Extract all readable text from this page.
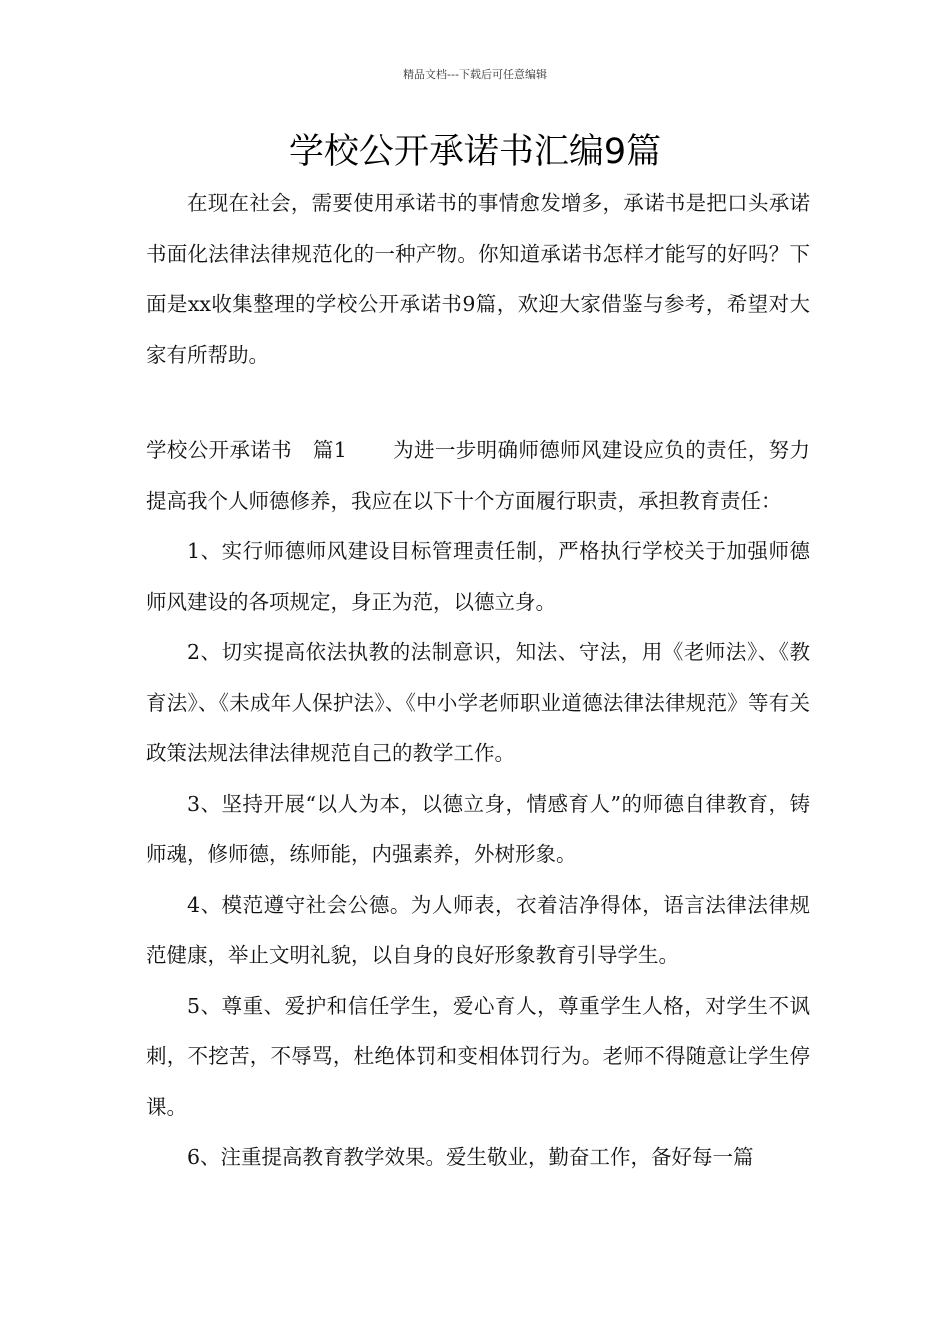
精品文档---下载后可任意编辑
学校公开承诺书汇编9篇

在现在社会，需要使用承诺书的事情愈发增多，承诺书是把口头承诺书面化法律法律规范化的一种产物。你知道承诺书怎样才能写的好吗？下面是xx收集整理的学校公开承诺书9篇，欢迎大家借鉴与参考，希望对大家有所帮助。

学校公开承诺书　篇1 为进一步明确师德师风建设应负的责任，努力提高我个人师德修养，我应在以下十个方面履行职责，承担教育责任：

1、实行师德师风建设目标管理责任制，严格执行学校关于加强师德师风建设的各项规定，身正为范，以德立身。

2、切实提高依法执教的法制意识，知法、守法，用《老师法》、《教育法》、《未成年人保护法》、《中小学老师职业道德法律法律规范》等有关政策法规法律法律规范自己的教学工作。

3、坚持开展“以人为本，以德立身，情感育人”的师德自律教育，铸师魂，修师德，练师能，内强素养，外树形象。

4、模范遵守社会公德。为人师表，衣着洁净得体，语言法律法律规范健康，举止文明礼貌，以自身的良好形象教育引导学生。

5、尊重、爱护和信任学生，爱心育人，尊重学生人格，对学生不讽刺，不挖苦，不辱骂，杜绝体罚和变相体罚行为。老师不得随意让学生停课。

6、注重提高教育教学效果。爱生敬业，勤奋工作，备好每一篇
